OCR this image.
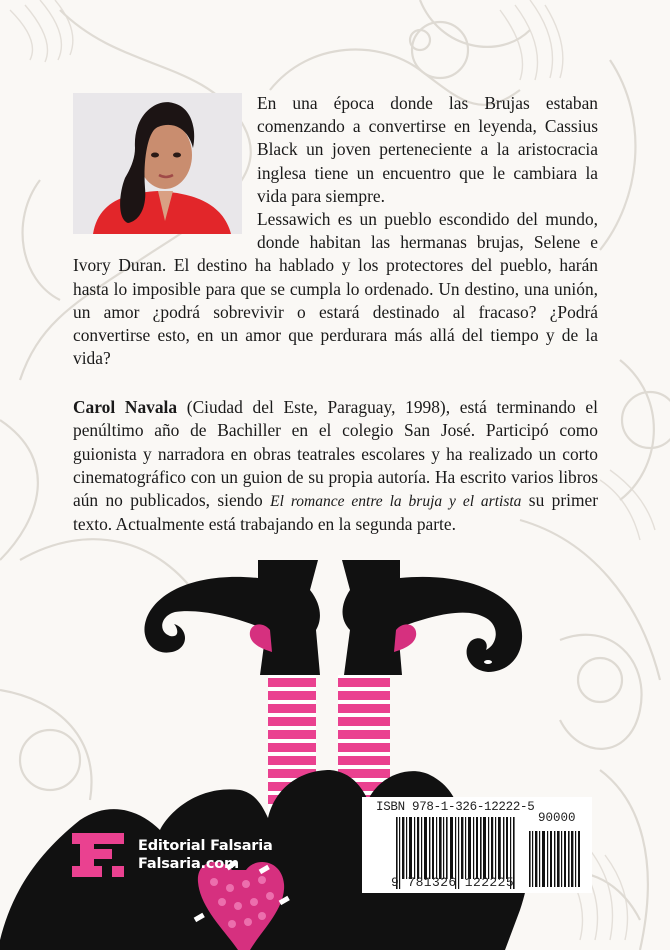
En una época donde las Brujas estaban comenzando a convertirse en leyenda, Cassius Black un joven perteneciente a la aristocracia inglesa tiene un encuentro que le cambiara la vida para siempre.
Lessawich es un pueblo escondido del mundo, donde habitan las hermanas brujas, Selene e Ivory Duran. El destino ha hablado y los protectores del pueblo, harán hasta lo imposible para que se cumpla lo ordenado. Un destino, una unión, un amor ¿podrá sobrevivir o estará destinado al fracaso? ¿Podrá convertirse esto, en un amor que perdurara más allá del tiempo y de la vida?
Carol Navala (Ciudad del Este, Paraguay, 1998), está terminando el penúltimo año de Bachiller en el colegio San José. Participó como guionista y narradora en obras teatrales escolares y ha realizado un corto cinematográfico con un guion de su propia autoría. Ha escrito varios libros aún no publicados, siendo El romance entre la bruja y el artista su primer texto. Actualmente está trabajando en la segunda parte.
Editorial Falsaria
Falsaria.com
ISBN 978-1-326-12222-5
90000
9 781326 122225
